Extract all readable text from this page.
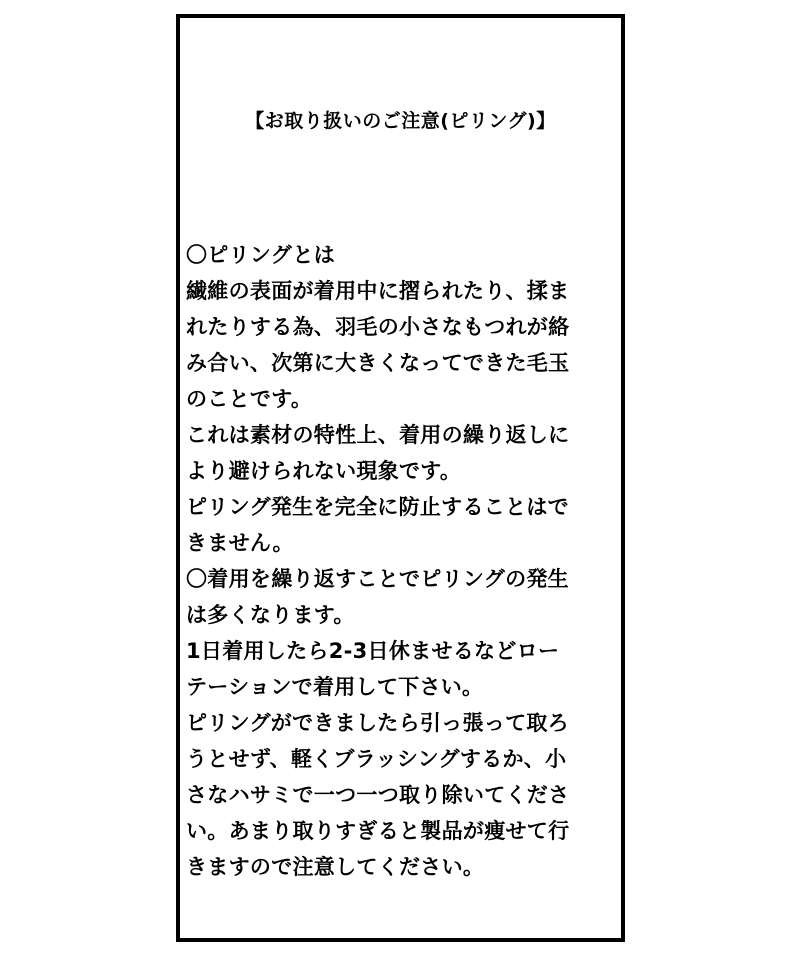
【お取り扱いのご注意(ピリング)】
〇ピリングとは
繊維の表面が着用中に摺られたり、揉ま
れたりする為、羽毛の小さなもつれが絡
み合い、次第に大きくなってできた毛玉
のことです。
これは素材の特性上、着用の繰り返しに
より避けられない現象です。
ピリング発生を完全に防止することはで
きません。
〇着用を繰り返すことでピリングの発生
は多くなります。
1日着用したら2-3日休ませるなどロー
テーションで着用して下さい。
ピリングができましたら引っ張って取ろ
うとせず、軽くブラッシングするか、小
さなハサミで一つ一つ取り除いてくださ
い。あまり取りすぎると製品が痩せて行
きますので注意してください。
